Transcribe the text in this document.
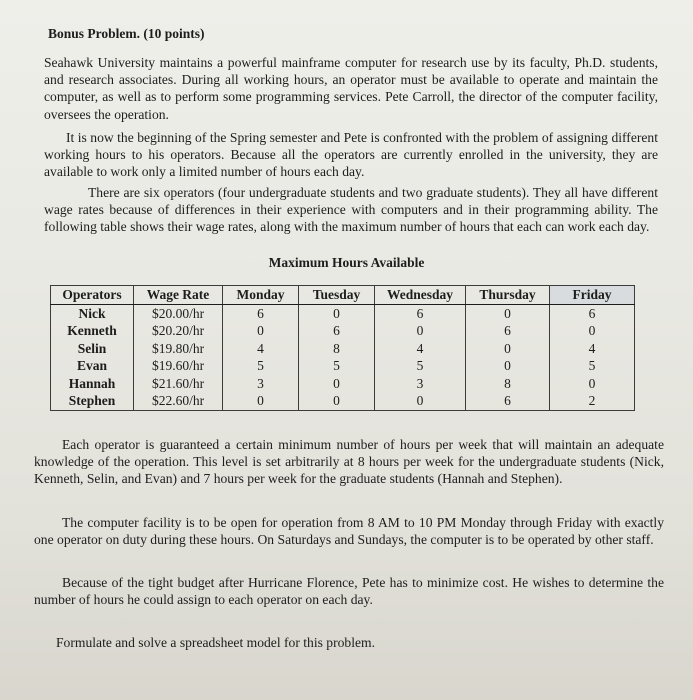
Bonus Problem. (10 points)

Seahawk University maintains a powerful mainframe computer for research use by its faculty, Ph.D. students, and research associates. During all working hours, an operator must be available to operate and maintain the computer, as well as to perform some programming services. Pete Carroll, the director of the computer facility, oversees the operation.

It is now the beginning of the Spring semester and Pete is confronted with the problem of assigning different working hours to his operators. Because all the operators are currently enrolled in the university, they are available to work only a limited number of hours each day.

There are six operators (four undergraduate students and two graduate students). They all have different wage rates because of differences in their experience with computers and in their programming ability. The following table shows their wage rates, along with the maximum number of hours that each can work each day.

Maximum Hours Available
Operators	Wage Rate	Monday	Tuesday	Wednesday	Thursday	Friday
Nick	$20.00/hr	6	0	6	0	6
Kenneth	$20.20/hr	0	6	0	6	0
Selin	$19.80/hr	4	8	4	0	4
Evan	$19.60/hr	5	5	5	0	5
Hannah	$21.60/hr	3	0	3	8	0
Stephen	$22.60/hr	0	0	0	6	2

Each operator is guaranteed a certain minimum number of hours per week that will maintain an adequate knowledge of the operation. This level is set arbitrarily at 8 hours per week for the undergraduate students (Nick, Kenneth, Selin, and Evan) and 7 hours per week for the graduate students (Hannah and Stephen).

The computer facility is to be open for operation from 8 AM to 10 PM Monday through Friday with exactly one operator on duty during these hours. On Saturdays and Sundays, the computer is to be operated by other staff.

Because of the tight budget after Hurricane Florence, Pete has to minimize cost. He wishes to determine the number of hours he could assign to each operator on each day.

Formulate and solve a spreadsheet model for this problem.
